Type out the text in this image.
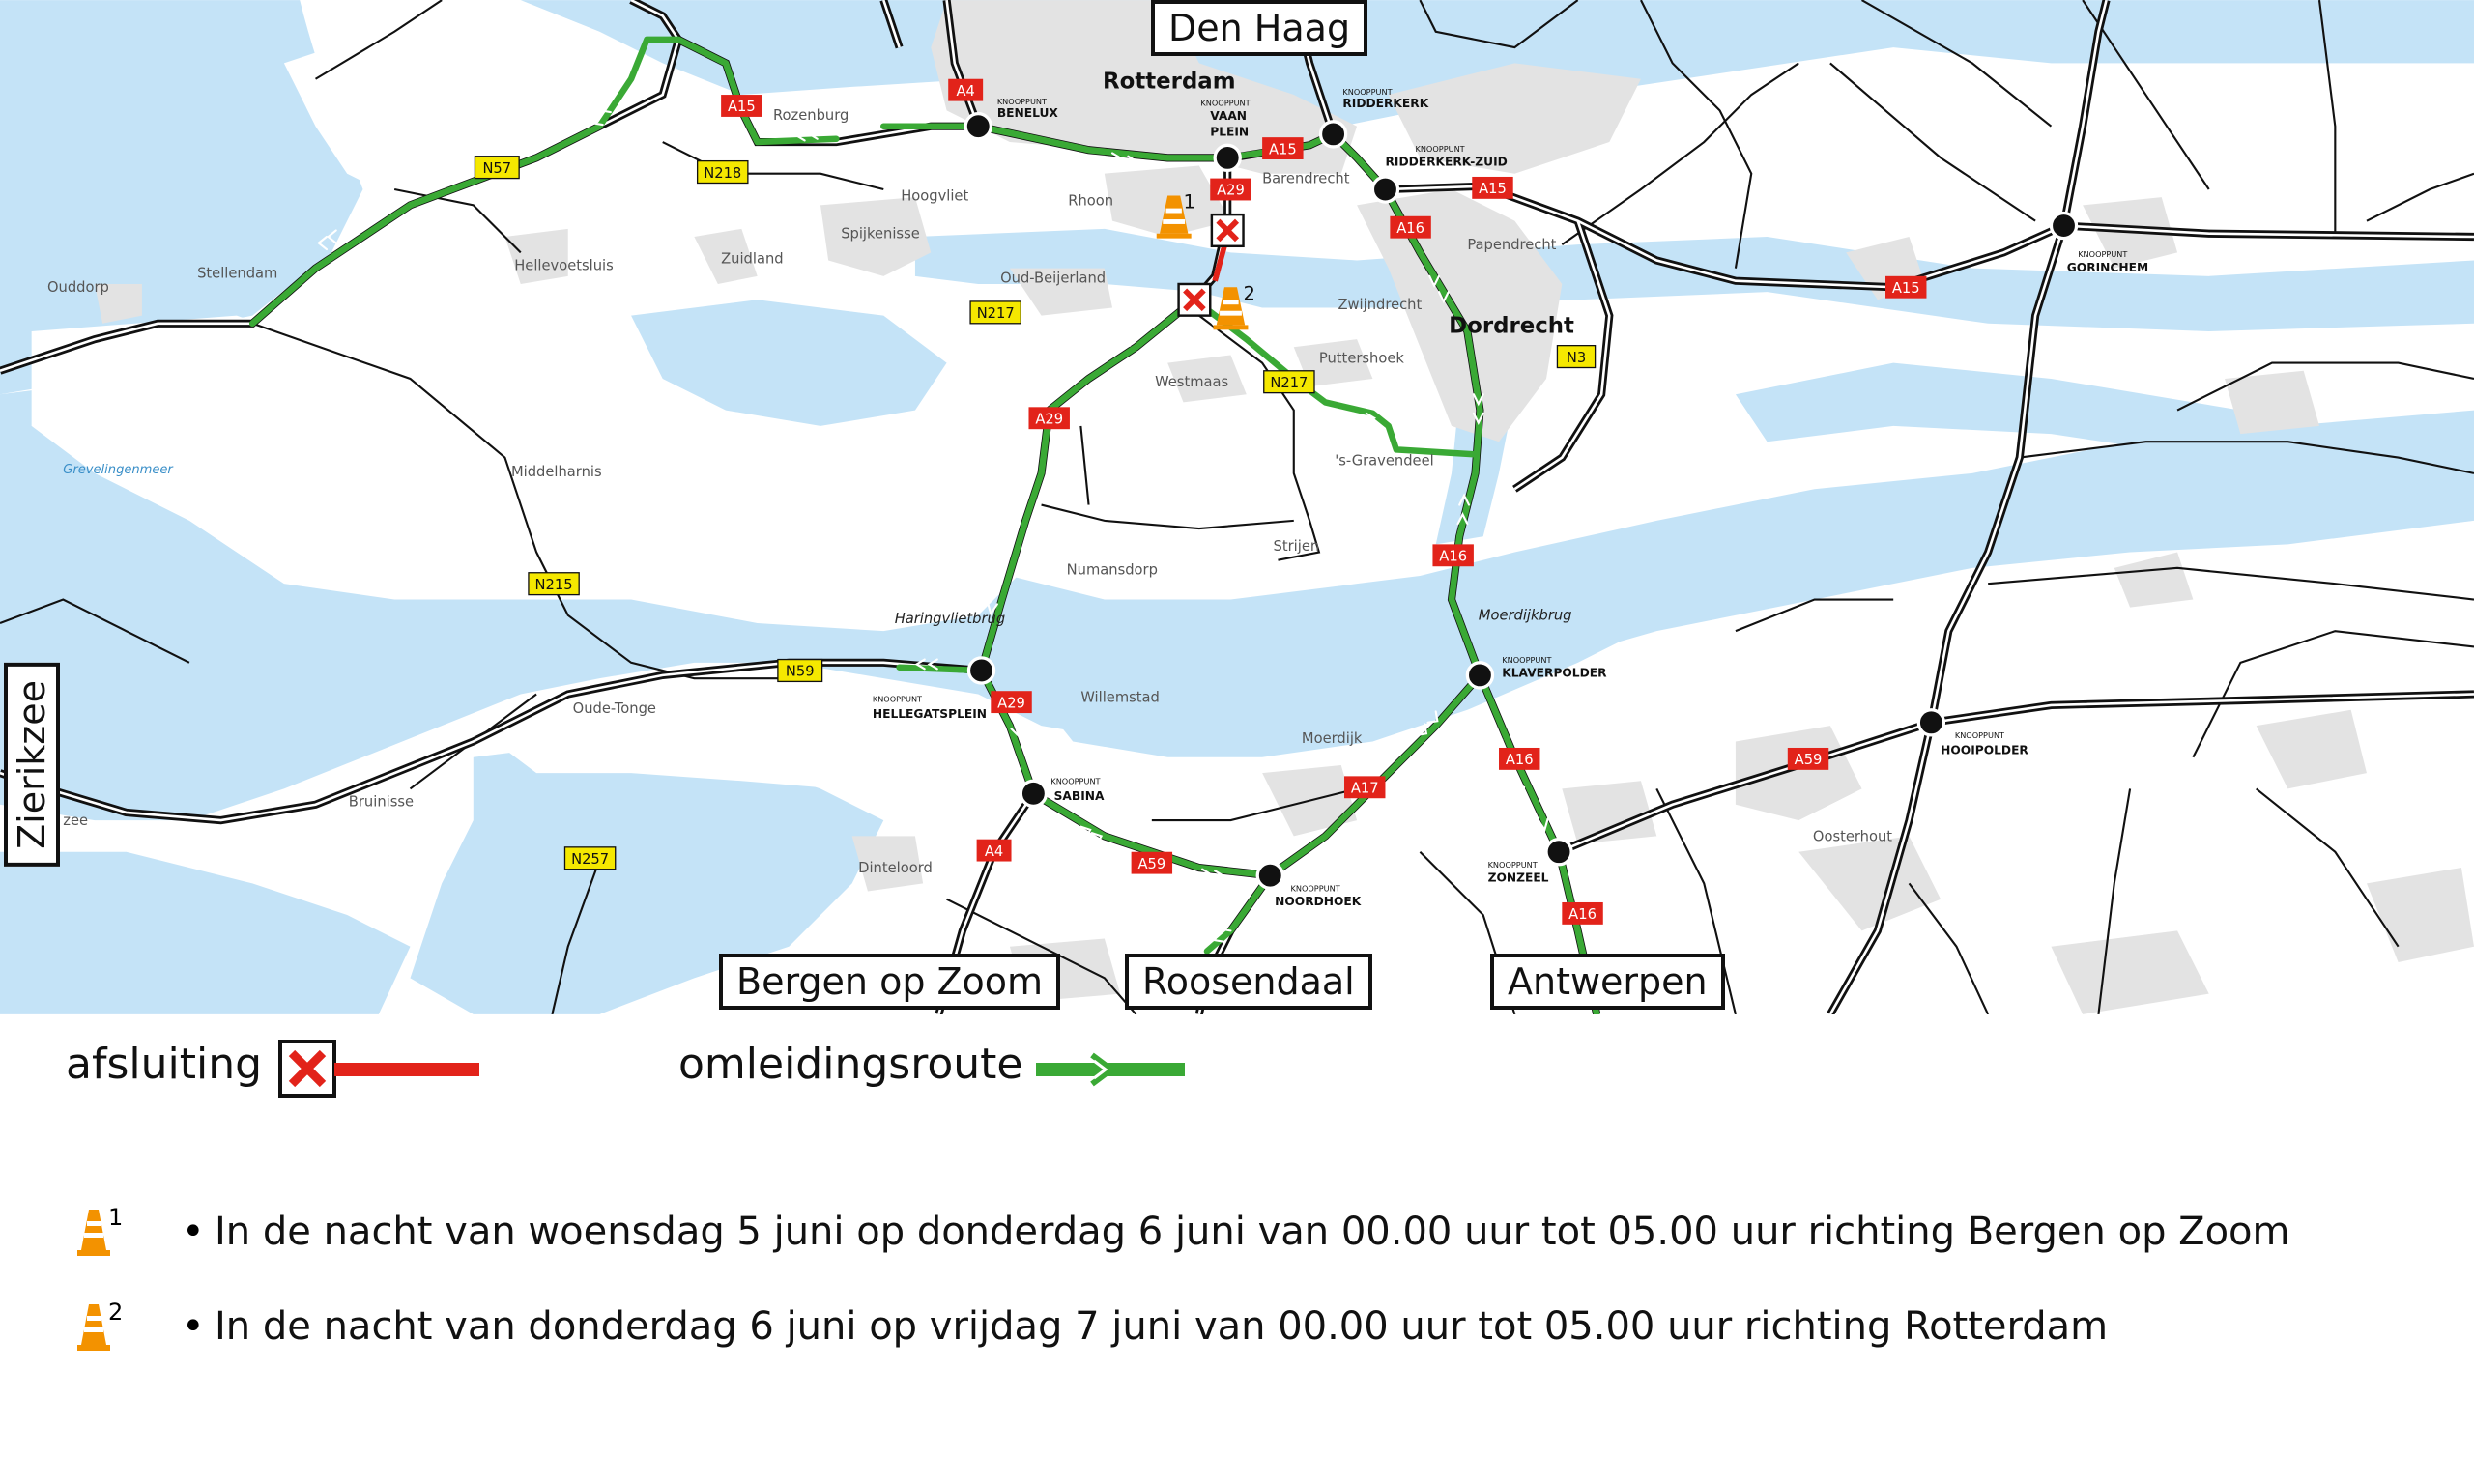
1
2
A15
A4
A15
A29	A15
A16
A15
A29
A16
A29
A17
A16	A59
A4
A59
A16
N57	N218
N217
N217
N3
N215
N59
N257
Rotterdam
Dordrecht
Rozenburg
Hoogvliet	Rhoon
Barendrecht
Spijkenisse
Papendrecht
Zuidland
Hellevoetsluis
Stellendam
Ouddorp
Oud-Beijerland
Zwijndrecht
Puttershoek
Westmaas
's-Gravendeel
Middelharnis
Grevelingenmeer
Numansdorp
Strijen
Haringvlietbrug	Moerdijkbrug
Willemstad
Moerdijk
Oude-Tonge
Bruinisse
Dinteloord
Oosterhout
zee
KNOOPPUNT
BENELUX
KNOOPPUNT
VAAN
PLEIN
KNOOPPUNT
RIDDERKERK
KNOOPPUNT
RIDDERKERK-ZUID
KNOOPPUNT
GORINCHEM
KNOOPPUNT
HELLEGATSPLEIN
KNOOPPUNT
SABINA
KNOOPPUNT
NOORDHOEK
KNOOPPUNT
KLAVERPOLDER
KNOOPPUNT
ZONZEEL
KNOOPPUNT
HOOIPOLDER
Den Haag
Zierikzee
Bergen op Zoom	Roosendaal	Antwerpen
afsluiting	omleidingsroute
1 • In de nacht van woensdag 5 juni op donderdag 6 juni van 00.00 uur tot 05.00 uur richting Bergen op Zoom
2 • In de nacht van donderdag 6 juni op vrijdag 7 juni van 00.00 uur tot 05.00 uur richting Rotterdam
